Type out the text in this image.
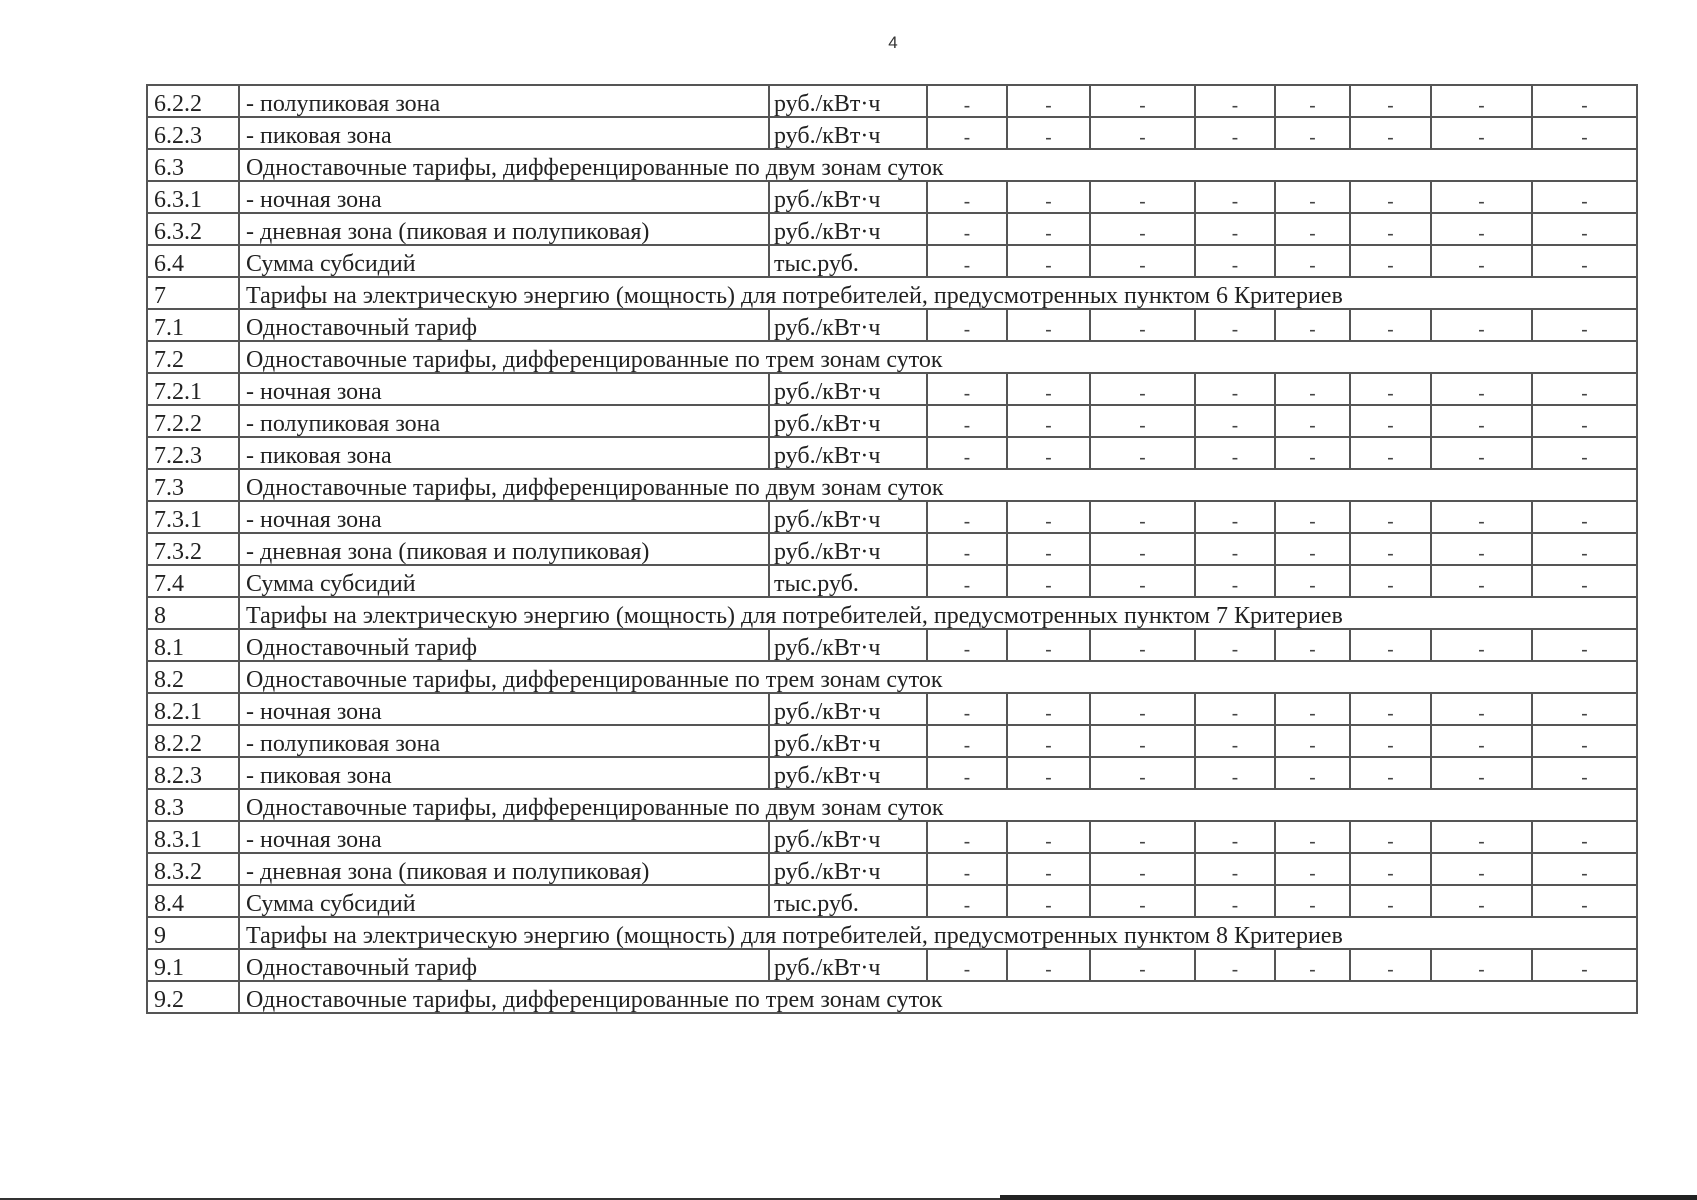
4
6.2.2	- полупиковая зона	руб./кВт·ч	-	-	-	-	-	-	-	-
6.2.3	- пиковая зона	руб./кВт·ч	-	-	-	-	-	-	-	-
6.3	Одноставочные тарифы, дифференцированные по двум зонам суток									
6.3.1	- ночная зона	руб./кВт·ч	-	-	-	-	-	-	-	-
6.3.2	- дневная зона (пиковая и полупиковая)	руб./кВт·ч	-	-	-	-	-	-	-	-
6.4	Сумма субсидий	тыс.руб.	-	-	-	-	-	-	-	-
7	Тарифы на электрическую энергию (мощность) для потребителей, предусмотренных пунктом 6 Критериев									
7.1	Одноставочный тариф	руб./кВт·ч	-	-	-	-	-	-	-	-
7.2	Одноставочные тарифы, дифференцированные по трем зонам суток									
7.2.1	- ночная зона	руб./кВт·ч	-	-	-	-	-	-	-	-
7.2.2	- полупиковая зона	руб./кВт·ч	-	-	-	-	-	-	-	-
7.2.3	- пиковая зона	руб./кВт·ч	-	-	-	-	-	-	-	-
7.3	Одноставочные тарифы, дифференцированные по двум зонам суток									
7.3.1	- ночная зона	руб./кВт·ч	-	-	-	-	-	-	-	-
7.3.2	- дневная зона (пиковая и полупиковая)	руб./кВт·ч	-	-	-	-	-	-	-	-
7.4	Сумма субсидий	тыс.руб.	-	-	-	-	-	-	-	-
8	Тарифы на электрическую энергию (мощность) для потребителей, предусмотренных пунктом 7 Критериев									
8.1	Одноставочный тариф	руб./кВт·ч	-	-	-	-	-	-	-	-
8.2	Одноставочные тарифы, дифференцированные по трем зонам суток									
8.2.1	- ночная зона	руб./кВт·ч	-	-	-	-	-	-	-	-
8.2.2	- полупиковая зона	руб./кВт·ч	-	-	-	-	-	-	-	-
8.2.3	- пиковая зона	руб./кВт·ч	-	-	-	-	-	-	-	-
8.3	Одноставочные тарифы, дифференцированные по двум зонам суток									
8.3.1	- ночная зона	руб./кВт·ч	-	-	-	-	-	-	-	-
8.3.2	- дневная зона (пиковая и полупиковая)	руб./кВт·ч	-	-	-	-	-	-	-	-
8.4	Сумма субсидий	тыс.руб.	-	-	-	-	-	-	-	-
9	Тарифы на электрическую энергию (мощность) для потребителей, предусмотренных пунктом 8 Критериев									
9.1	Одноставочный тариф	руб./кВт·ч	-	-	-	-	-	-	-	-
9.2	Одноставочные тарифы, дифференцированные по трем зонам суток									
